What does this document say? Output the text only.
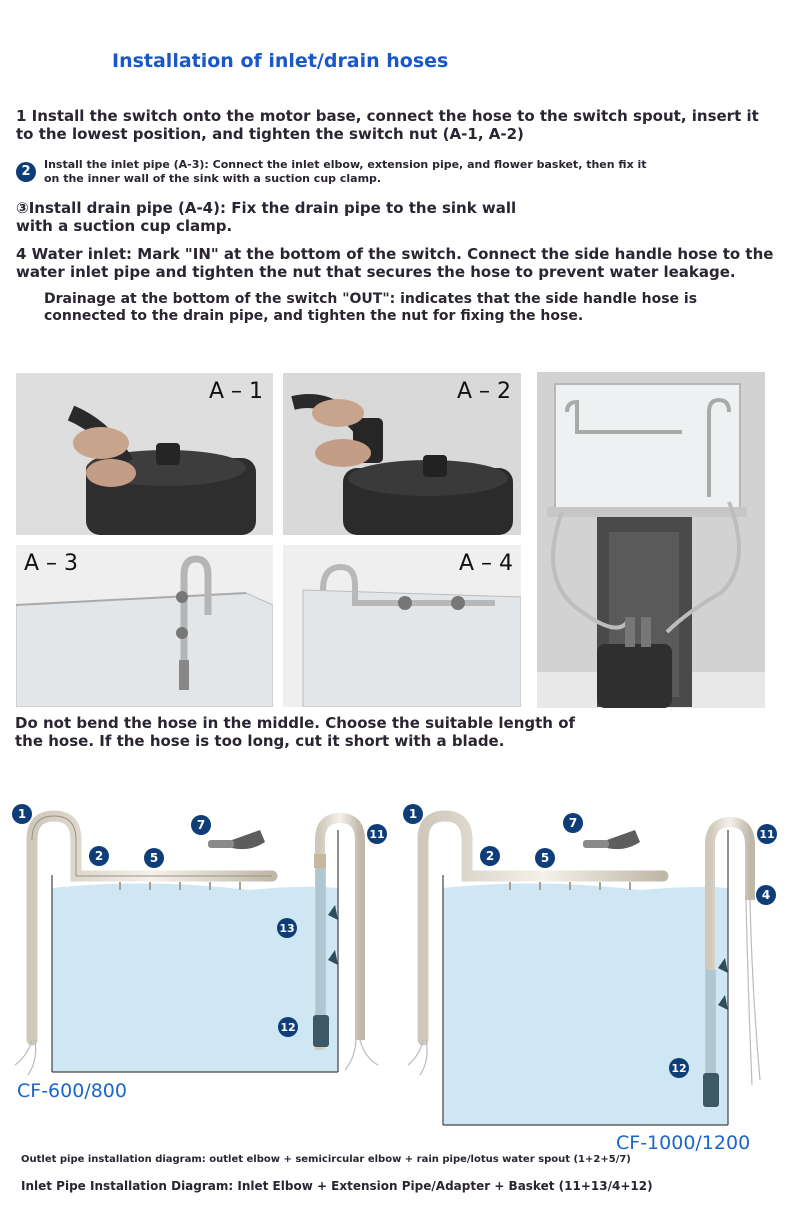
Installation of inlet/drain hoses
1 Install the switch onto the motor base, connect the hose to the switch spout, insert it to the lowest position, and tighten the switch nut (A-1, A-2)
2	Install the inlet pipe (A-3): Connect the inlet elbow, extension pipe, and flower basket, then fix it on the inner wall of the sink with a suction cup clamp.
③Install drain pipe (A-4): Fix the drain pipe to the sink wall with a suction cup clamp.
4 Water inlet: Mark "IN" at the bottom of the switch. Connect the side handle hose to the water inlet pipe and tighten the nut that secures the hose to prevent water leakage.
Drainage at the bottom of the switch "OUT": indicates that the side handle hose is connected to the drain pipe, and tighten the nut for fixing the hose.
A – 1	A – 2
A – 3	A – 4
Do not bend the hose in the middle. Choose the suitable length of the hose. If the hose is too long, cut it short with a blade.
1
2	5
7
11
13
12
1
2	5
7
11
4
12
CF-600/800
CF-1000/1200
Outlet pipe installation diagram: outlet elbow + semicircular elbow + rain pipe/lotus water spout (1+2+5/7)
Inlet Pipe Installation Diagram: Inlet Elbow + Extension Pipe/Adapter + Basket (11+13/4+12)
